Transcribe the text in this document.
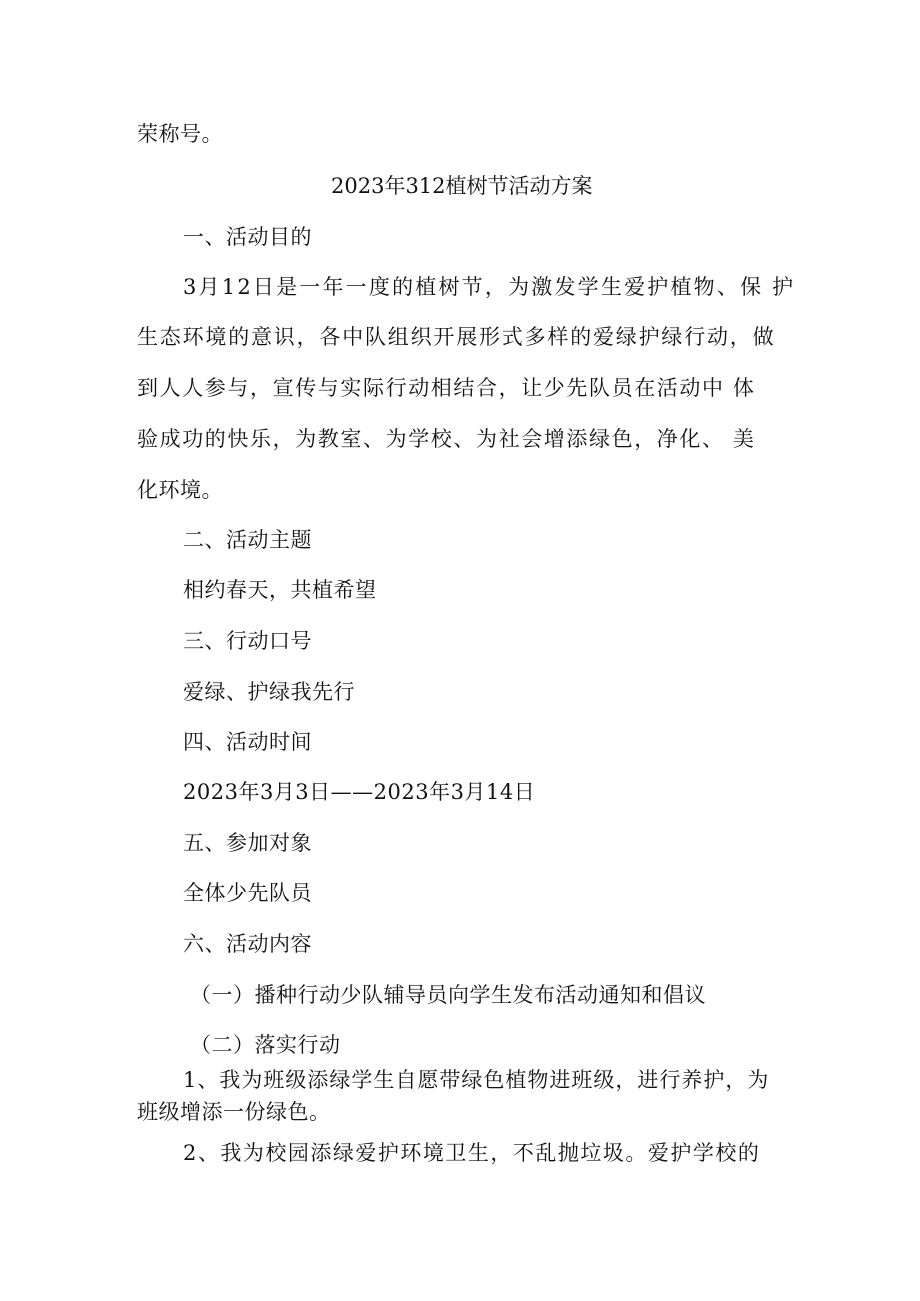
荣称号。
2023年312植树节活动方案
一、活动目的
3月12日是一年一度的植树节，为激发学生爱护植物、保 护
生态环境的意识，各中队组织开展形式多样的爱绿护绿行动，做
到人人参与，宣传与实际行动相结合，让少先队员在活动中 体
验成功的快乐，为教室、为学校、为社会增添绿色，净化、 美
化环境。
二、活动主题
相约春天，共植希望
三、行动口号
爱绿、护绿我先行
四、活动时间
2023年3月3日——2023年3月14日
五、参加对象
全体少先队员
六、活动内容
（一）播种行动少队辅导员向学生发布活动通知和倡议
（二）落实行动
1、我为班级添绿学生自愿带绿色植物进班级，进行养护，为
班级增添一份绿色。
2、我为校园添绿爱护环境卫生，不乱抛垃圾。爱护学校的
